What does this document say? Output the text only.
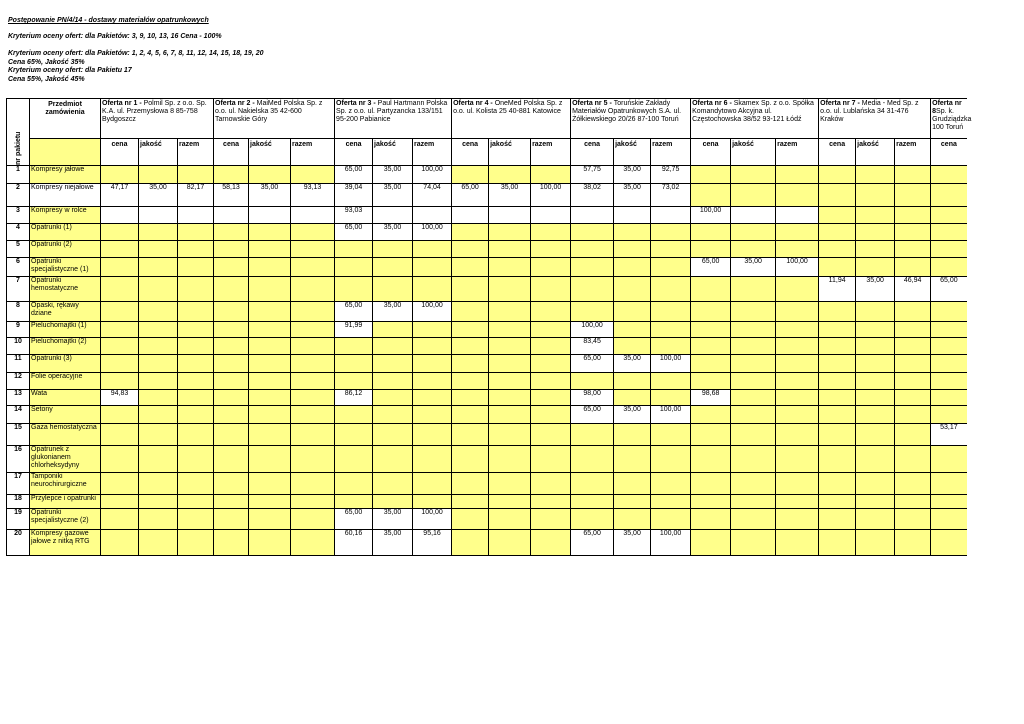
Postępowanie PN/4/14 - dostawy materiałów opatrunkowych
Kryterium oceny ofert: dla Pakietów: 3, 9, 10, 13, 16 Cena - 100%
Kryterium oceny ofert: dla Pakietów: 1, 2, 4, 5, 6, 7, 8, 11, 12, 14, 15, 18, 19, 20
Cena 65%, Jakość 35%
Kryterium oceny ofert: dla Pakietu 17
Cena 55%, Jakość 45%
nr pakietu	Przedmiot zamówienia	Oferta nr 1 - Polmil Sp. z o.o. Sp. K.A. ul. Przemysłowa 8 85-758 Bydgoszcz			Oferta nr 2 - MaiMed Polska Sp. z o.o. ul. Nakielska 35 42-600 Tarnowskie Góry			Oferta nr 3 - Paul Hartmann Polska Sp. z o.o. ul. Partyzancka 133/151 95-200 Pabianice			Oferta nr 4 - OneMed Polska Sp. z o.o. ul. Kolista 25 40-881 Katowice			Oferta nr 5 - Toruńskie Zakłady Materiałów Opatrunkowych S.A. ul. Żółkiewskiego 20/26 87-100 Toruń			Oferta nr 6 - Skamex Sp. z o.o. Spółka Komandytowo Akcyjna ul. Częstochowska 38/52 93-121 Łódź			Oferta nr 7 - Media - Med Sp. z o.o. ul. Lublańska 34 31-476 Kraków			Oferta nr 8Sp. k. Grudziądzka 100 Toruń
		cena	jakość	razem	cena	jakość	razem	cena	jakość	razem	cena	jakość	razem	cena	jakość	razem	cena	jakość	razem	cena	jakość	razem	cena
1	Kompresy jałowe							65,00	35,00	100,00				57,75	35,00	92,75							
2	Kompresy niejałowe	47,17	35,00	82,17	58,13	35,00	93,13	39,04	35,00	74,04	65,00	35,00	100,00	38,02	35,00	73,02							
3	Kompresy w rolce							93,03									100,00						
4	Opatrunki (1)							65,00	35,00	100,00													
5	Opatrunki (2)																						
6	Opatrunki specjalistyczne (1)																65,00	35,00	100,00				
7	Opatrunki hemostatyczne																			11,94	35,00	46,94	65,00
8	Opaski, rękawy dziane							65,00	35,00	100,00													
9	Pieluchomajtki (1)							91,99						100,00									
10	Pieluchomajtki (2)													83,45									
11	Opatrunki (3)													65,00	35,00	100,00							
12	Folie operacyjne																						
13	Wata	94,83						86,12						98,00			98,68						
14	Setony													65,00	35,00	100,00							
15	Gaza hemostatyczna																						53,17
16	Opatrunek z glukonianem chlorheksydyny																						
17	Tamponiki neurochirurgiczne																						
18	Przylepce i opatrunki																						
19	Opatrunki specjalistyczne (2)							65,00	35,00	100,00													
20	Kompresy gazowe jałowe z nitką RTG							60,16	35,00	95,16				65,00	35,00	100,00							
